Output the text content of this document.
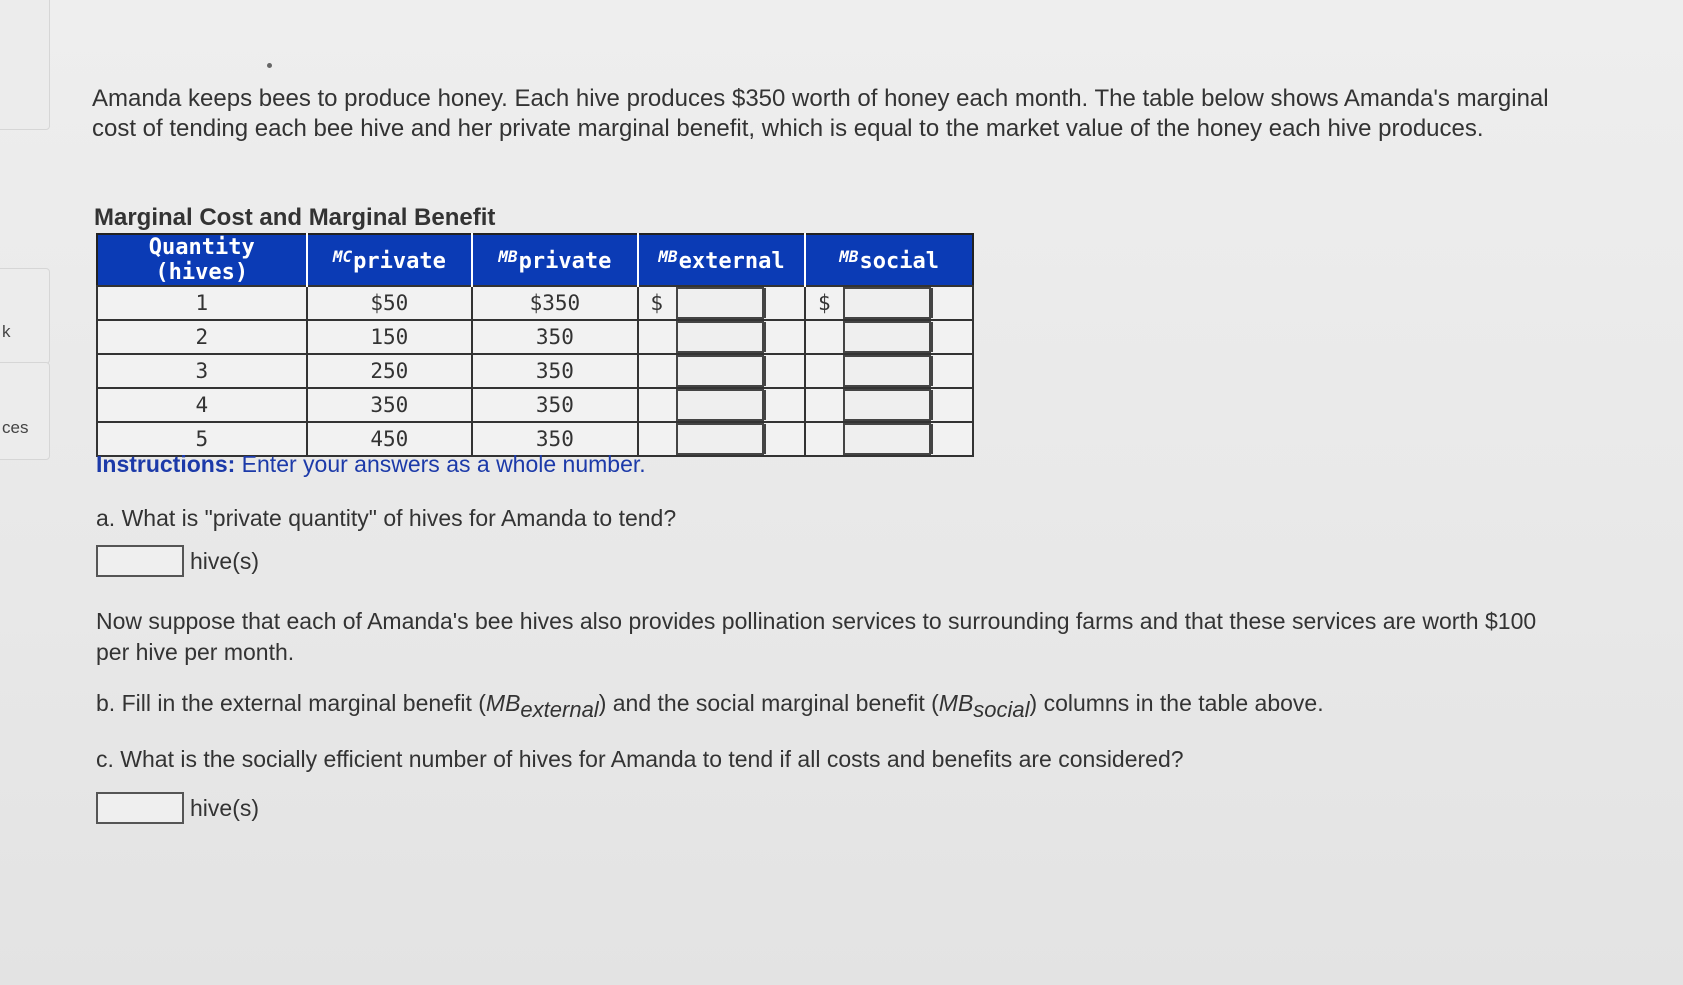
k
ces
Amanda keeps bees to produce honey. Each hive produces $350 worth of honey each month. The table below shows Amanda's marginal cost of tending each bee hive and her private marginal benefit, which is equal to the market value of the honey each hive produces.
Marginal Cost and Marginal Benefit
Quantity (hives)	$^{MC}$private	$^{MB}$private	$^{MB}$external	$^{MB}$social
1	$50	$350	$	$

2	150	350	

3	250	350	

4	350	350	

5	450	350	

Instructions: Enter your answers as a whole number.
a. What is "private quantity" of hives for Amanda to tend?
hive(s)
Now suppose that each of Amanda's bee hives also provides pollination services to surrounding farms and that these services are worth $100 per hive per month.
b. Fill in the external marginal benefit $(MB_{external})$ and the social marginal benefit $(MB_{social})$ columns in the table above.
c. What is the socially efficient number of hives for Amanda to tend if all costs and benefits are considered?
hive(s)
